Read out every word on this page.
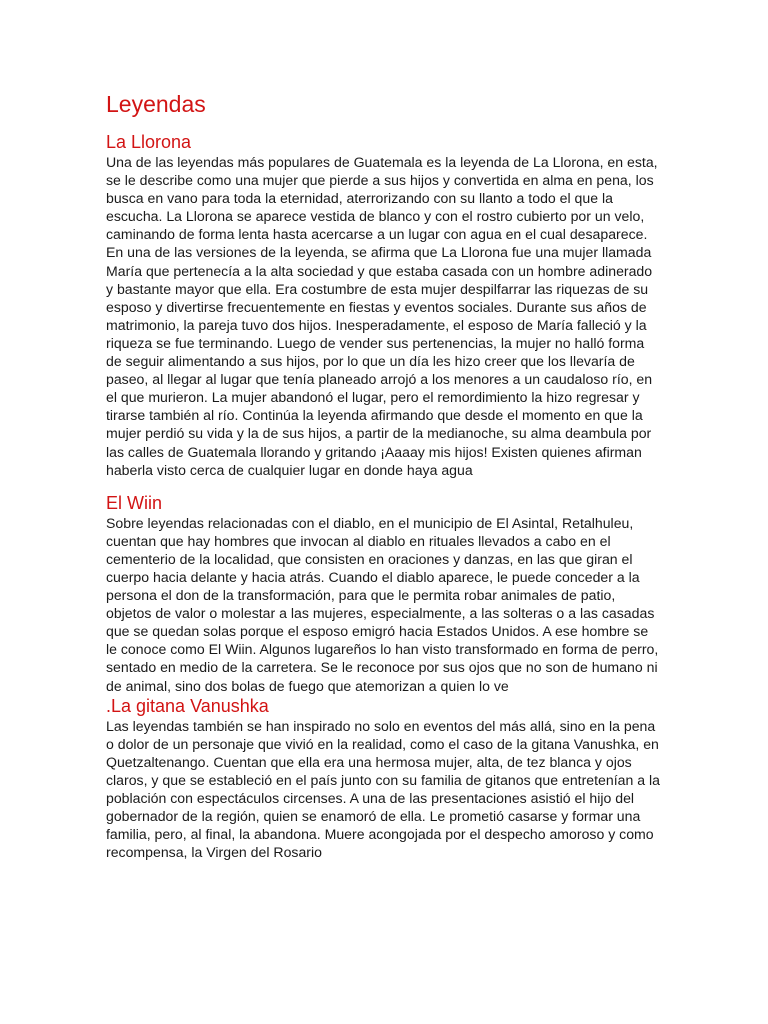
Leyendas
La Llorona

Una de las leyendas más populares de Guatemala es la leyenda de La Llorona, en esta, se le describe como una mujer que pierde a sus hijos y convertida en alma en pena, los busca en vano para toda la eternidad, aterrorizando con su llanto a todo el que la escucha. La Llorona se aparece vestida de blanco y con el rostro cubierto por un velo, caminando de forma lenta hasta acercarse a un lugar con agua en el cual desaparece. En una de las versiones de la leyenda, se afirma que La Llorona fue una mujer llamada María que pertenecía a la alta sociedad y que estaba casada con un hombre adinerado y bastante mayor que ella. Era costumbre de esta mujer despilfarrar las riquezas de su esposo y divertirse frecuentemente en fiestas y eventos sociales. Durante sus años de matrimonio, la pareja tuvo dos hijos. Inesperadamente, el esposo de María falleció y la riqueza se fue terminando. Luego de vender sus pertenencias, la mujer no halló forma de seguir alimentando a sus hijos, por lo que un día les hizo creer que los llevaría de paseo, al llegar al lugar que tenía planeado arrojó a los menores a un caudaloso río, en el que murieron. La mujer abandonó el lugar, pero el remordimiento la hizo regresar y tirarse también al río. Continúa la leyenda afirmando que desde el momento en que la mujer perdió su vida y la de sus hijos, a partir de la medianoche, su alma deambula por las calles de Guatemala llorando y gritando ¡Aaaay mis hijos! Existen quienes afirman haberla visto cerca de cualquier lugar en donde haya agua

El Wiin

Sobre leyendas relacionadas con el diablo, en el municipio de El Asintal, Retalhuleu, cuentan que hay hombres que invocan al diablo en rituales llevados a cabo en el cementerio de la localidad, que consisten en oraciones y danzas, en las que giran el cuerpo hacia delante y hacia atrás. Cuando el diablo aparece, le puede conceder a la persona el don de la transformación, para que le permita robar animales de patio, objetos de valor o molestar a las mujeres, especialmente, a las solteras o a las casadas que se quedan solas porque el esposo emigró hacia Estados Unidos. A ese hombre se le conoce como El Wiin. Algunos lugareños lo han visto transformado en forma de perro, sentado en medio de la carretera. Se le reconoce por sus ojos que no son de humano ni de animal, sino dos bolas de fuego que atemorizan a quien lo ve

.La gitana Vanushka

Las leyendas también se han inspirado no solo en eventos del más allá, sino en la pena o dolor de un personaje que vivió en la realidad, como el caso de la gitana Vanushka, en Quetzaltenango. Cuentan que ella era una hermosa mujer, alta, de tez blanca y ojos claros, y que se estableció en el país junto con su familia de gitanos que entretenían a la población con espectáculos circenses. A una de las presentaciones asistió el hijo del gobernador de la región, quien se enamoró de ella. Le prometió casarse y formar una familia, pero, al final, la abandona. Muere acongojada por el despecho amoroso y como recompensa, la Virgen del Rosario
